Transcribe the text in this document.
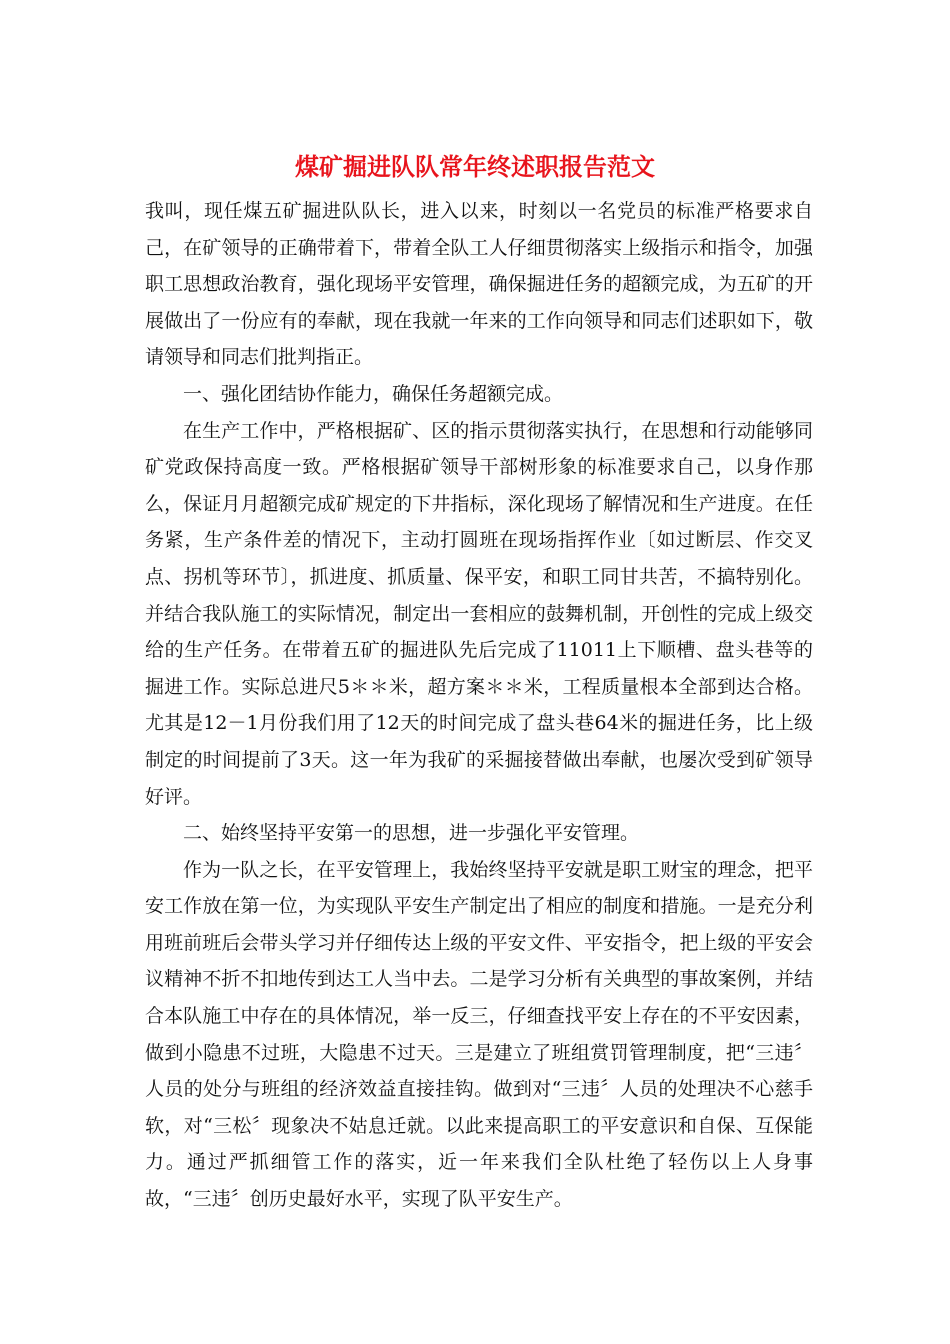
煤矿掘进队队常年终述职报告范文

我叫，现任煤五矿掘进队队长，进入以来，时刻以一名党员的标准严格要求自己，在矿领导的正确带着下，带着全队工人仔细贯彻落实上级指示和指令，加强职工思想政治教育，强化现场平安管理，确保掘进任务的超额完成，为五矿的开展做出了一份应有的奉献，现在我就一年来的工作向领导和同志们述职如下，敬请领导和同志们批判指正。

一、强化团结协作能力，确保任务超额完成。

在生产工作中，严格根据矿、区的指示贯彻落实执行，在思想和行动能够同矿党政保持高度一致。严格根据矿领导干部树形象的标准要求自己，以身作那么，保证月月超额完成矿规定的下井指标，深化现场了解情况和生产进度。在任务紧，生产条件差的情况下，主动打圆班在现场指挥作业〔如过断层、作交叉点、拐机等环节〕，抓进度、抓质量、保平安，和职工同甘共苦，不搞特别化。并结合我队施工的实际情况，制定出一套相应的鼓舞机制，开创性的完成上级交给的生产任务。在带着五矿的掘进队先后完成了11011上下顺槽、盘头巷等的掘进工作。实际总进尺5＊＊米，超方案＊＊米，工程质量根本全部到达合格。尤其是12－1月份我们用了12天的时间完成了盘头巷64米的掘进任务，比上级制定的时间提前了3天。这一年为我矿的采掘接替做出奉献，也屡次受到矿领导好评。

二、始终坚持平安第一的思想，进一步强化平安管理。

作为一队之长，在平安管理上，我始终坚持平安就是职工财宝的理念，把平安工作放在第一位，为实现队平安生产制定出了相应的制度和措施。一是充分利用班前班后会带头学习并仔细传达上级的平安文件、平安指令，把上级的平安会议精神不折不扣地传到达工人当中去。二是学习分析有关典型的事故案例，并结合本队施工中存在的具体情况，举一反三，仔细查找平安上存在的不平安因素，做到小隐患不过班，大隐患不过天。三是建立了班组赏罚管理制度，把“三违〞人员的处分与班组的经济效益直接挂钩。做到对“三违〞人员的处理决不心慈手软，对“三松〞现象决不姑息迁就。以此来提高职工的平安意识和自保、互保能力。通过严抓细管工作的落实，近一年来我们全队杜绝了轻伤以上人身事故，“三违〞创历史最好水平，实现了队平安生产。
